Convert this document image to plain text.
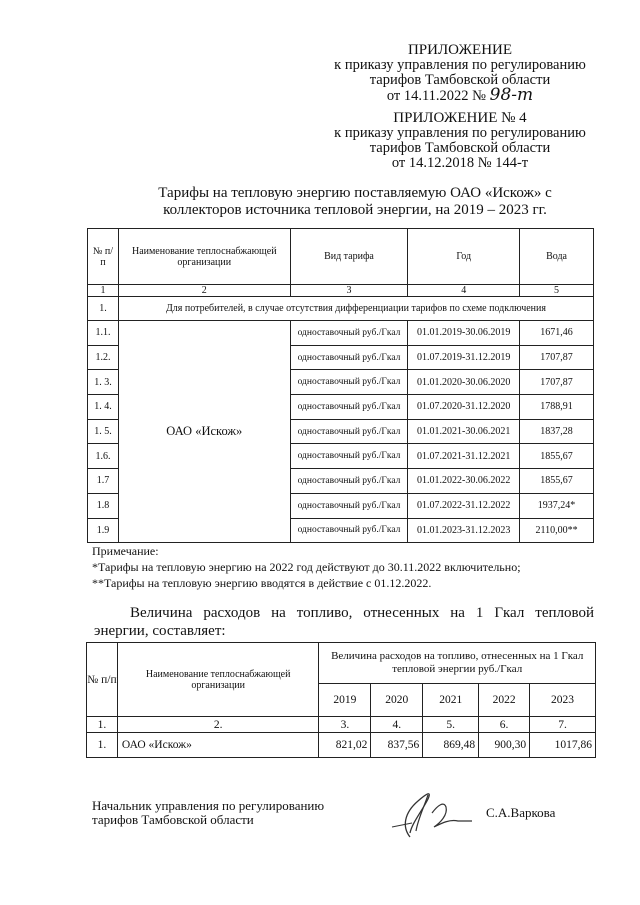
ПРИЛОЖЕНИЕ
к приказу управления по регулированию
тарифов Тамбовской области
от 14.11.2022 № 98-т
ПРИЛОЖЕНИЕ № 4
к приказу управления по регулированию
тарифов Тамбовской области
от 14.12.2018 № 144-т
Тарифы на тепловую энергию поставляемую ОАО «Искож» с
коллекторов источника тепловой энергии, на 2019 – 2023 гг.
№ п/п	Наименование теплоснабжающей организации	Вид тарифа	Год	Вода
1	2	3	4	5
1.	Для потребителей, в случае отсутствия дифференциации тарифов по схеме подключения			
1.1.	ОАО «Искож»	одноставочный руб./Гкал	01.01.2019-30.06.2019	1671,46
1.2.		одноставочный руб./Гкал	01.07.2019-31.12.2019	1707,87
1. 3.		одноставочный руб./Гкал	01.01.2020-30.06.2020	1707,87
1. 4.		одноставочный руб./Гкал	01.07.2020-31.12.2020	1788,91
1. 5.		одноставочный руб./Гкал	01.01.2021-30.06.2021	1837,28
1.6.		одноставочный руб./Гкал	01.07.2021-31.12.2021	1855,67
1.7		одноставочный руб./Гкал	01.01.2022-30.06.2022	1855,67
1.8		одноставочный руб./Гкал	01.07.2022-31.12.2022	1937,24*
1.9		одноставочный руб./Гкал	01.01.2023-31.12.2023	2110,00**
Примечание:
*Тарифы на тепловую энергию на 2022 год действуют до 30.11.2022 включительно;
**Тарифы на тепловую энергию вводятся в действие с 01.12.2022.
Величина расходов на топливо, отнесенных на 1 Гкал тепловой
энергии, составляет:
№ п/п	Наименование теплоснабжающей организации	Величина расходов на топливо, отнесенных на 1 Гкал тепловой энергии руб./Гкал				
		2019	2020	2021	2022	2023
1.	2.	3.	4.	5.	6.	7.
1.	ОАО «Искож»	821,02	837,56	869,48	900,30	1017,86
Начальник управления по регулированию
тарифов Тамбовской области	С.А.Варкова
